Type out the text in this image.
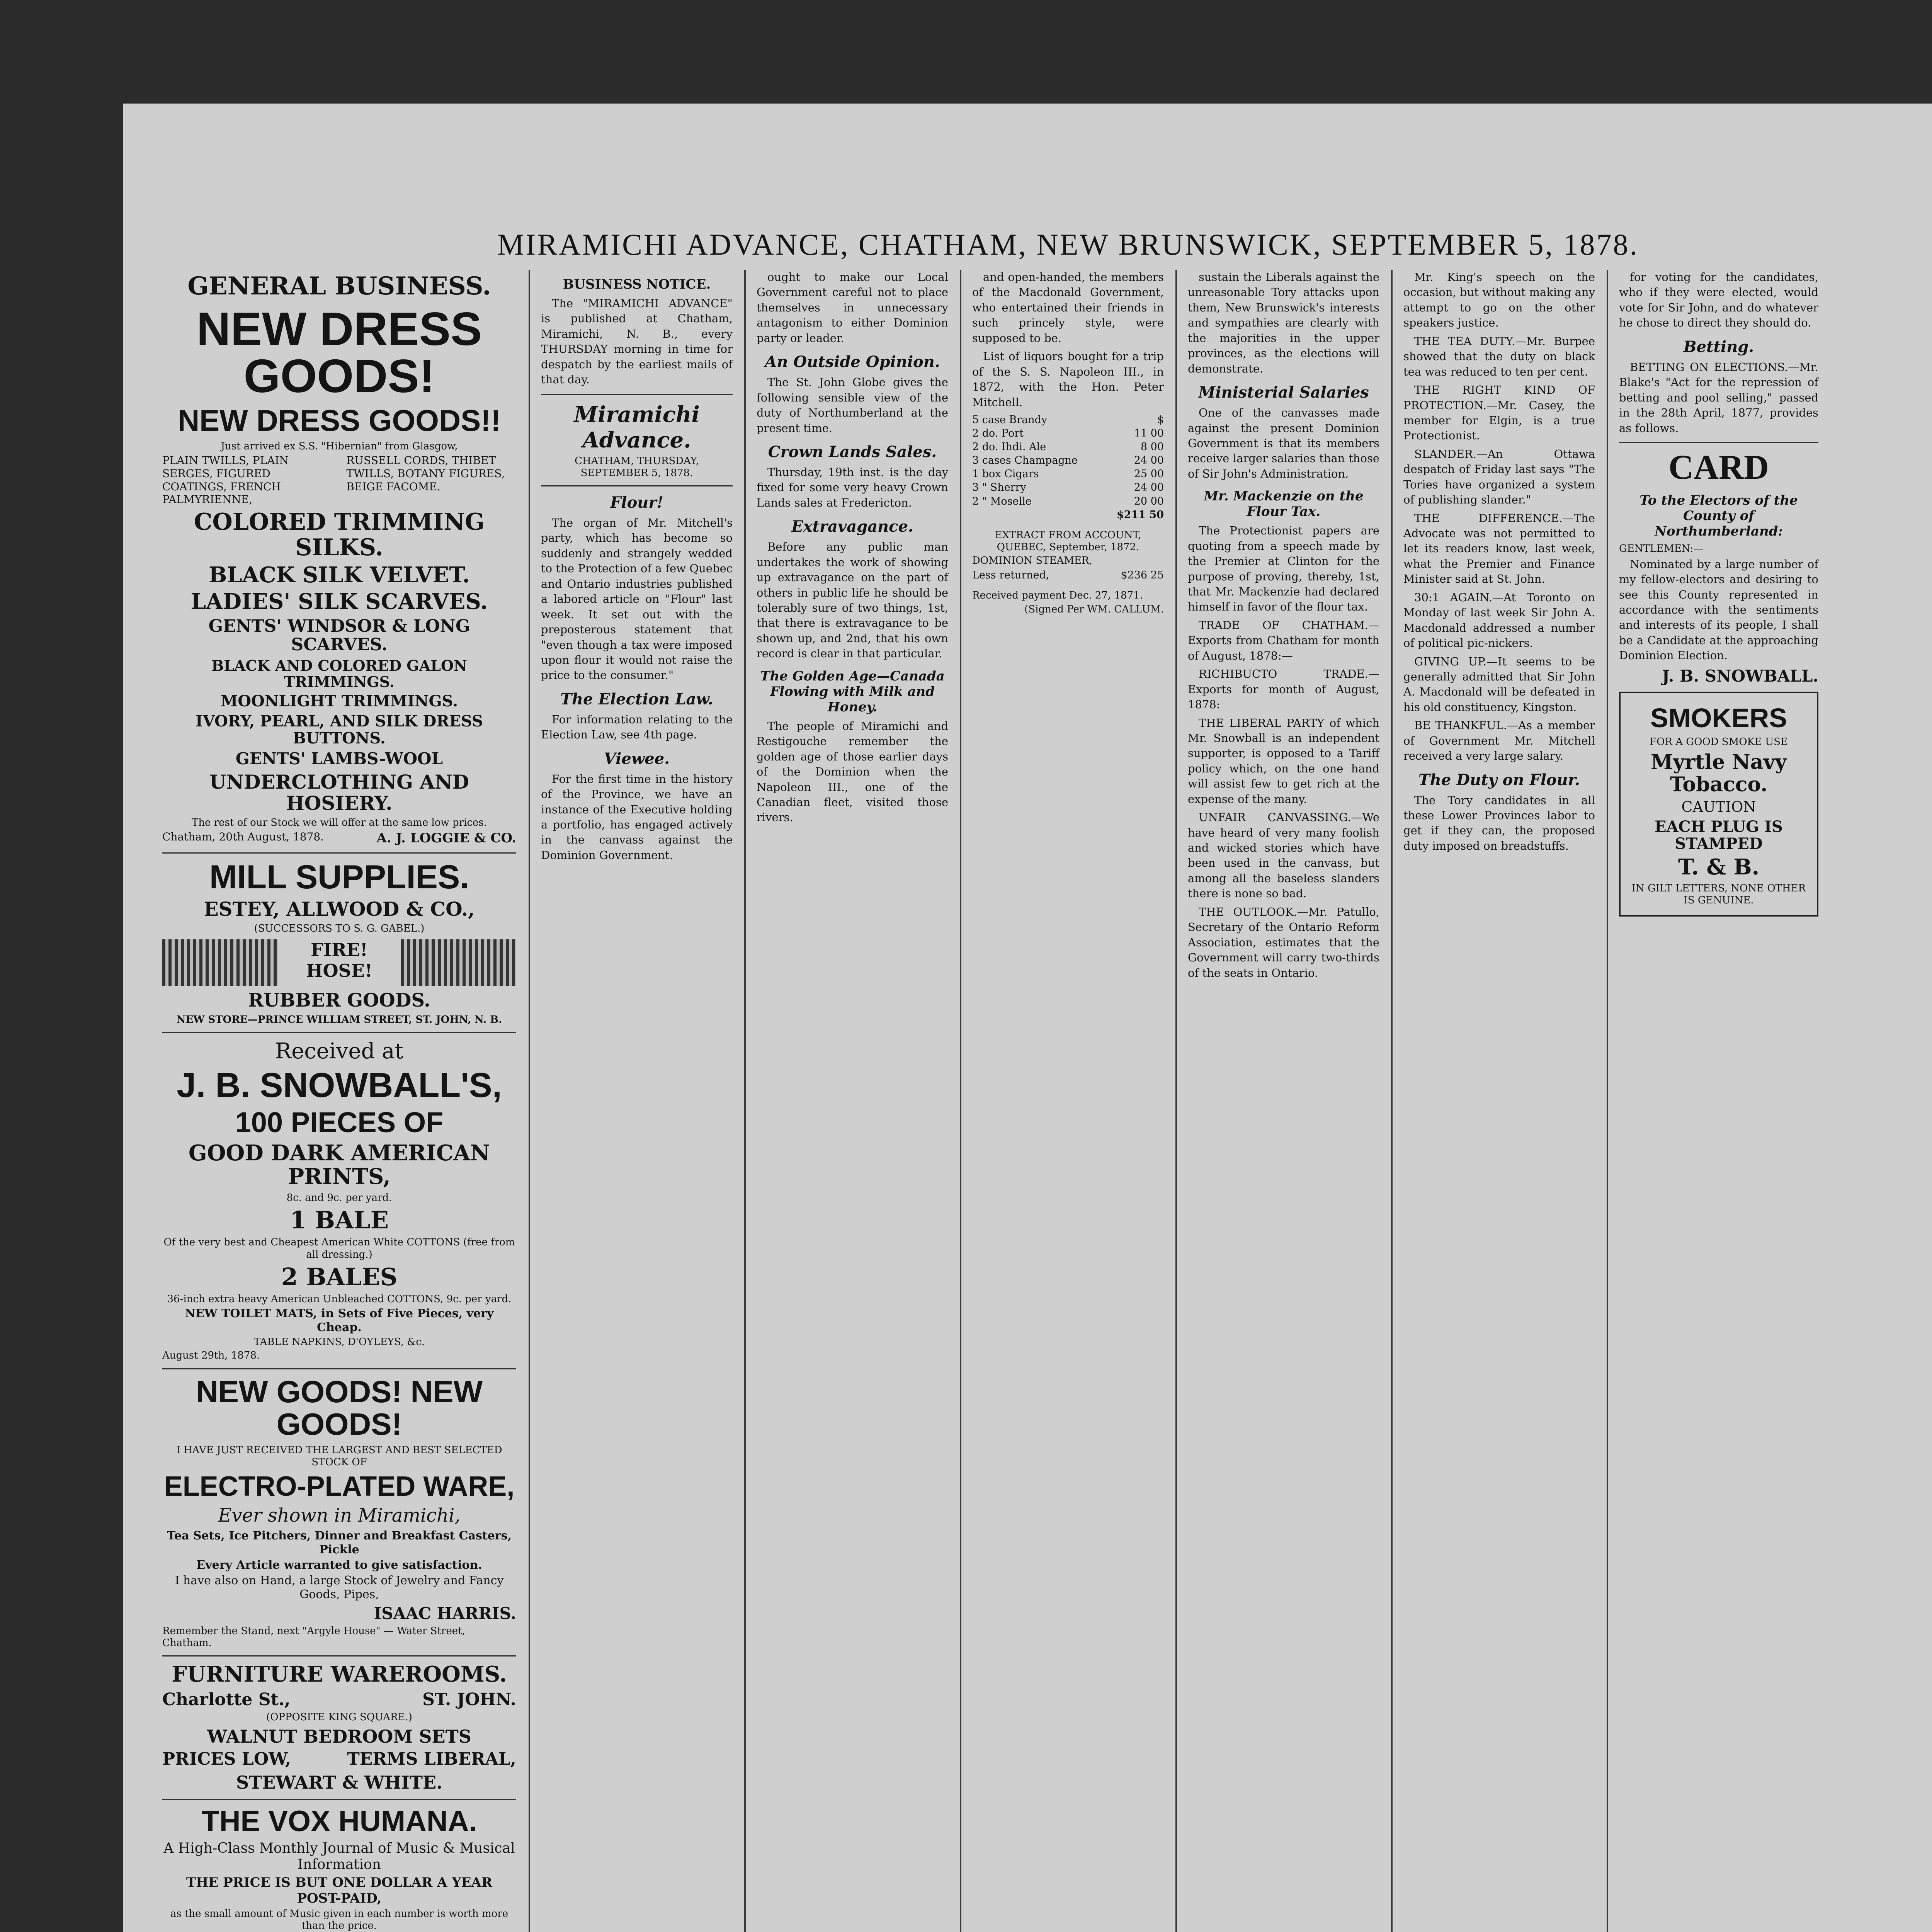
MIRAMICHI ADVANCE, CHATHAM, NEW BRUNSWICK, SEPTEMBER 5, 1878.
GENERAL BUSINESS.
NEW DRESS GOODS!
NEW DRESS GOODS!!
Just arrived ex S.S. "Hibernian" from Glasgow,
PLAIN TWILLS, PLAIN SERGES, FIGURED COATINGS, FRENCH PALMYRIENNE,
RUSSELL CORDS, THIBET TWILLS, BOTANY FIGURES, BEIGE FACOME.
COLORED TRIMMING SILKS.
BLACK SILK VELVET.
LADIES' SILK SCARVES.
GENTS' WINDSOR & LONG SCARVES.
BLACK AND COLORED GALON TRIMMINGS.
MOONLIGHT TRIMMINGS.
IVORY, PEARL, AND SILK DRESS BUTTONS.
GENTS' LAMBS-WOOL
UNDERCLOTHING AND HOSIERY.
The rest of our Stock we will offer at the same low prices.
Chatham, 20th August, 1878.	A. J. LOGGIE & CO.
MILL SUPPLIES.
ESTEY, ALLWOOD & CO.,
(SUCCESSORS TO S. G. GABEL.)
FIRE!
HOSE!
RUBBER GOODS.
NEW STORE—PRINCE WILLIAM STREET, ST. JOHN, N. B.
Received at
J. B. SNOWBALL'S,
100 PIECES OF
GOOD DARK AMERICAN PRINTS,
8c. and 9c. per yard.
1 BALE
Of the very best and Cheapest American White COTTONS (free from all dressing.)
2 BALES
36-inch extra heavy American Unbleached COTTONS, 9c. per yard.
NEW TOILET MATS, in Sets of Five Pieces, very Cheap.
TABLE NAPKINS, D'OYLEYS, &c.
August 29th, 1878.
NEW GOODS! NEW GOODS!
I HAVE JUST RECEIVED THE LARGEST AND BEST SELECTED STOCK OF
ELECTRO-PLATED WARE,
Ever shown in Miramichi,
Tea Sets, Ice Pitchers, Dinner and Breakfast Casters, Pickle
Every Article warranted to give satisfaction.
I have also on Hand, a large Stock of Jewelry and Fancy Goods, Pipes,
ISAAC HARRIS.
Remember the Stand, next "Argyle House" — Water Street, Chatham.
FURNITURE WAREROOMS.
Charlotte St.,	ST. JOHN.
(OPPOSITE KING SQUARE.)
WALNUT BEDROOM SETS
PRICES LOW,	TERMS LIBERAL,
STEWART & WHITE.
THE VOX HUMANA.
A High-Class Monthly Journal of Music & Musical Information
THE PRICE IS BUT ONE DOLLAR A YEAR POST-PAID,
as the small amount of Music given in each number is worth more than the price.
BUSINESS NOTICE.

The "MIRAMICHI ADVANCE" is published at Chatham, Miramichi, N. B., every THURSDAY morning in time for despatch by the earliest mails of that day.

Miramichi Advance.
CHATHAM, THURSDAY, SEPTEMBER 5, 1878.
Flour!

The organ of Mr. Mitchell's party, which has become so suddenly and strangely wedded to the Protection of a few Quebec and Ontario industries published a labored article on "Flour" last week. It set out with the preposterous statement that "even though a tax were imposed upon flour it would not raise the price to the consumer."

The Election Law.

For information relating to the Election Law, see 4th page.

Viewee.

For the first time in the history of the Province, we have an instance of the Executive holding a portfolio, has engaged actively in the canvass against the Dominion Government.

ought to make our Local Government careful not to place themselves in unnecessary antagonism to either Dominion party or leader.

An Outside Opinion.

The St. John Globe gives the following sensible view of the duty of Northumberland at the present time.

Crown Lands Sales.

Thursday, 19th inst. is the day fixed for some very heavy Crown Lands sales at Fredericton.

Extravagance.

Before any public man undertakes the work of showing up extravagance on the part of others in public life he should be tolerably sure of two things, 1st, that there is extravagance to be shown up, and 2nd, that his own record is clear in that particular.

The Golden Age—Canada Flowing with Milk and Honey.

The people of Miramichi and Restigouche remember the golden age of those earlier days of the Dominion when the Napoleon III., one of the Canadian fleet, visited those rivers.

and open-handed, the members of the Macdonald Government, who entertained their friends in such princely style, were supposed to be.

List of liquors bought for a trip of the S. S. Napoleon III., in 1872, with the Hon. Peter Mitchell.

5 case Brandy	$
2 do. Port	11 00
2 do. Ihdi. Ale	8 00
3 cases Champagne	24 00
1 box Cigars	25 00
3 " Sherry	24 00
2 " Moselle	20 00
$211 50
EXTRACT FROM ACCOUNT, QUEBEC, September, 1872.
DOMINION STEAMER,
Less returned,	$236 25
Received payment Dec. 27, 1871.
(Signed Per WM. CALLUM.

sustain the Liberals against the unreasonable Tory attacks upon them, New Brunswick's interests and sympathies are clearly with the majorities in the upper provinces, as the elections will demonstrate.

Ministerial Salaries

One of the canvasses made against the present Dominion Government is that its members receive larger salaries than those of Sir John's Administration.

Mr. Mackenzie on the Flour Tax.

The Protectionist papers are quoting from a speech made by the Premier at Clinton for the purpose of proving, thereby, 1st, that Mr. Mackenzie had declared himself in favor of the flour tax.

TRADE OF CHATHAM.—Exports from Chatham for month of August, 1878:—

RICHIBUCTO TRADE.—Exports for month of August, 1878:

THE LIBERAL PARTY of which Mr. Snowball is an independent supporter, is opposed to a Tariff policy which, on the one hand will assist few to get rich at the expense of the many.

UNFAIR CANVASSING.—We have heard of very many foolish and wicked stories which have been used in the canvass, but among all the baseless slanders there is none so bad.

THE OUTLOOK.—Mr. Patullo, Secretary of the Ontario Reform Association, estimates that the Government will carry two-thirds of the seats in Ontario.

Mr. King's speech on the occasion, but without making any attempt to go on the other speakers justice.

THE TEA DUTY.—Mr. Burpee showed that the duty on black tea was reduced to ten per cent.

THE RIGHT KIND OF PROTECTION.—Mr. Casey, the member for Elgin, is a true Protectionist.

SLANDER.—An Ottawa despatch of Friday last says "The Tories have organized a system of publishing slander."

THE DIFFERENCE.—The Advocate was not permitted to let its readers know, last week, what the Premier and Finance Minister said at St. John.

30:1 AGAIN.—At Toronto on Monday of last week Sir John A. Macdonald addressed a number of political pic-nickers.

GIVING UP.—It seems to be generally admitted that Sir John A. Macdonald will be defeated in his old constituency, Kingston.

BE THANKFUL.—As a member of Government Mr. Mitchell received a very large salary.

The Duty on Flour.

The Tory candidates in all these Lower Provinces labor to get if they can, the proposed duty imposed on breadstuffs.

for voting for the candidates, who if they were elected, would vote for Sir John, and do whatever he chose to direct they should do.

Betting.

BETTING ON ELECTIONS.—Mr. Blake's "Act for the repression of betting and pool selling," passed in the 28th April, 1877, provides as follows.

CARD
To the Electors of the County of Northumberland:
GENTLEMEN:—

Nominated by a large number of my fellow-electors and desiring to see this County represented in accordance with the sentiments and interests of its people, I shall be a Candidate at the approaching Dominion Election.

J. B. SNOWBALL.
SMOKERS
FOR A GOOD SMOKE USE
Myrtle Navy Tobacco.
CAUTION
EACH PLUG IS STAMPED
T. & B.
IN GILT LETTERS, NONE OTHER IS GENUINE.
